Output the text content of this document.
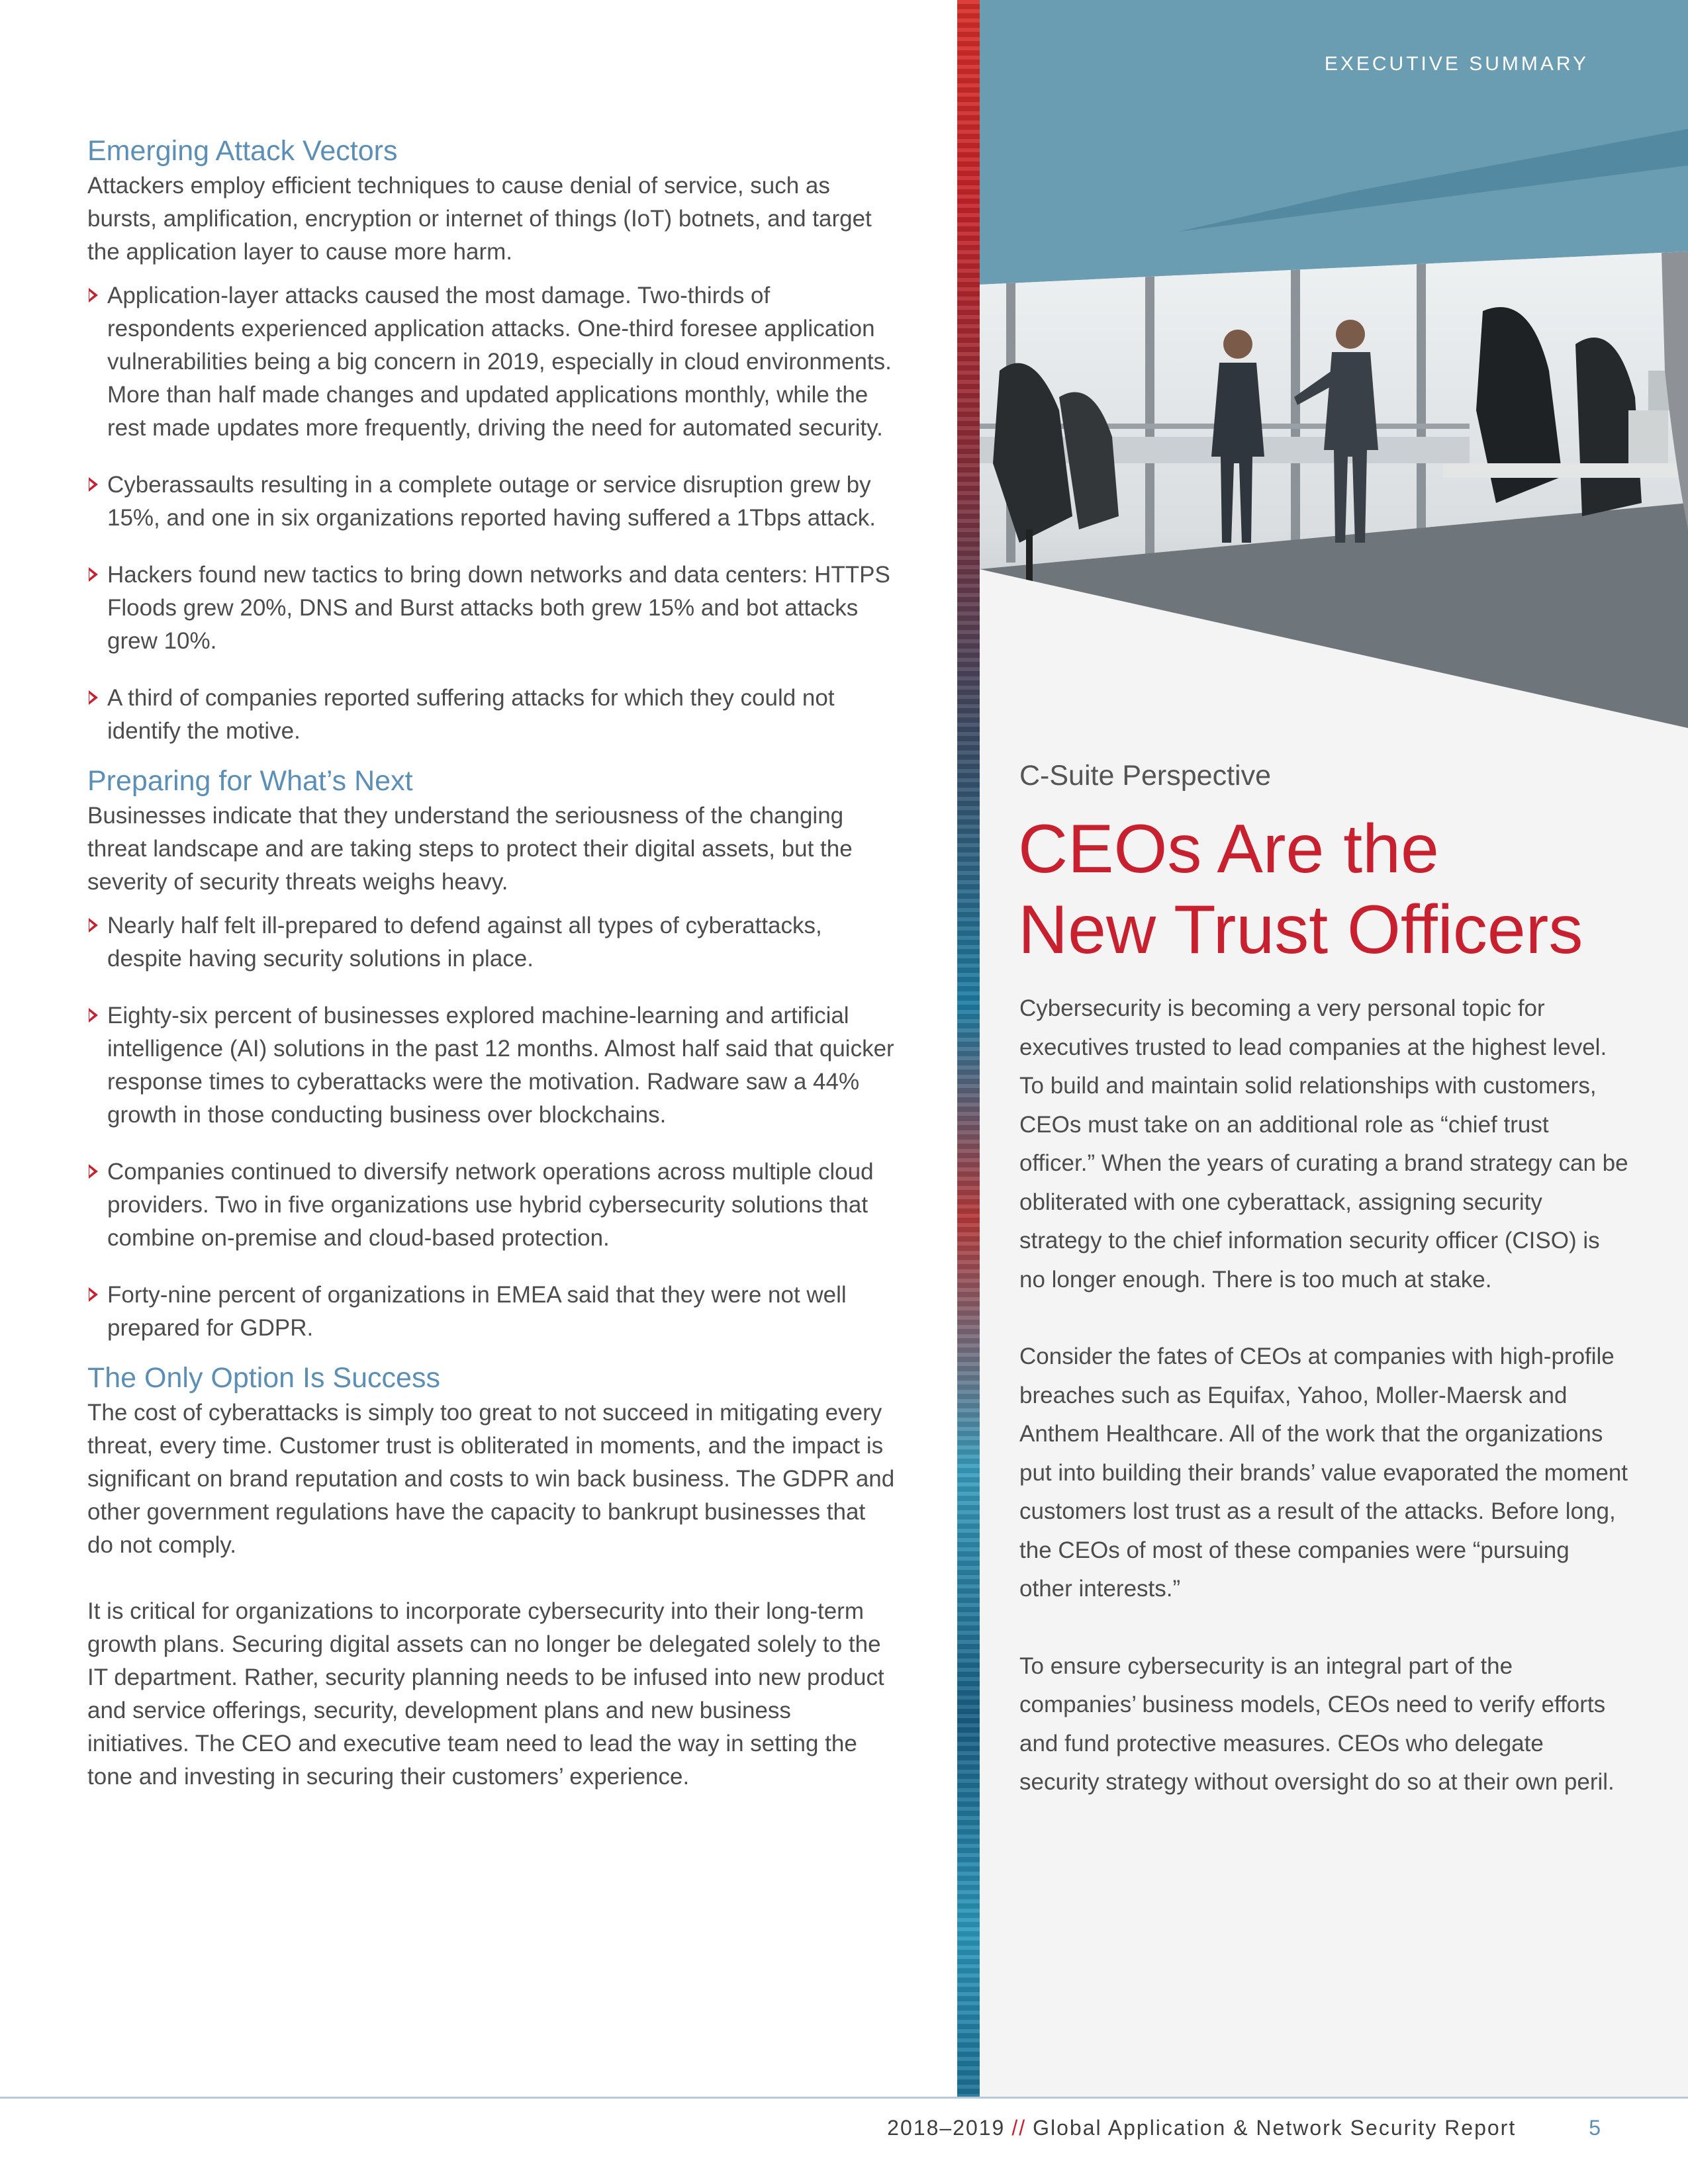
Emerging Attack Vectors

Attackers employ efficient techniques to cause denial of service, such as bursts, amplification, encryption or internet of things (IoT) botnets, and target the application layer to cause more harm.

Application-layer attacks caused the most damage. Two-thirds of respondents experienced application attacks. One-third foresee application vulnerabilities being a big concern in 2019, especially in cloud environments. More than half made changes and updated applications monthly, while the rest made updates more frequently, driving the need for automated security.
Cyberassaults resulting in a complete outage or service disruption grew by 15%, and one in six organizations reported having suffered a 1Tbps attack.
Hackers found new tactics to bring down networks and data centers: HTTPS Floods grew 20%, DNS and Burst attacks both grew 15% and bot attacks grew 10%.
A third of companies reported suffering attacks for which they could not identify the motive.
Preparing for What’s Next

Businesses indicate that they understand the seriousness of the changing threat landscape and are taking steps to protect their digital assets, but the severity of security threats weighs heavy.

Nearly half felt ill-prepared to defend against all types of cyberattacks, despite having security solutions in place.
Eighty-six percent of businesses explored machine-learning and artificial intelligence (AI) solutions in the past 12 months. Almost half said that quicker response times to cyberattacks were the motivation. Radware saw a 44% growth in those conducting business over blockchains.
Companies continued to diversify network operations across multiple cloud providers. Two in five organizations use hybrid cybersecurity solutions that combine on-premise and cloud-based protection.
Forty-nine percent of organizations in EMEA said that they were not well prepared for GDPR.
The Only Option Is Success

The cost of cyberattacks is simply too great to not succeed in mitigating every threat, every time. Customer trust is obliterated in moments, and the impact is significant on brand reputation and costs to win back business. The GDPR and other government regulations have the capacity to bankrupt businesses that do not comply.

It is critical for organizations to incorporate cybersecurity into their long-term growth plans. Securing digital assets can no longer be delegated solely to the IT department. Rather, security planning needs to be infused into new product and service offerings, security, development plans and new business initiatives. The CEO and executive team need to lead the way in setting the tone and investing in securing their customers’ experience.

EXECUTIVE SUMMARY
C-Suite Perspective
CEOs Are the
New Trust Officers

Cybersecurity is becoming a very personal topic for executives trusted to lead companies at the highest level. To build and maintain solid relationships with customers, CEOs must take on an additional role as “chief trust officer.” When the years of curating a brand strategy can be obliterated with one cyberattack, assigning security strategy to the chief information security officer (CISO) is no longer enough. There is too much at stake.

Consider the fates of CEOs at companies with high-profile breaches such as Equifax, Yahoo, Moller-Maersk and Anthem Healthcare. All of the work that the organizations put into building their brands’ value evaporated the moment customers lost trust as a result of the attacks. Before long, the CEOs of most of these companies were “pursuing other interests.”

To ensure cybersecurity is an integral part of the companies’ business models, CEOs need to verify efforts and fund protective measures. CEOs who delegate security strategy without oversight do so at their own peril.

2018–2019 // Global Application & Network Security Report	5
